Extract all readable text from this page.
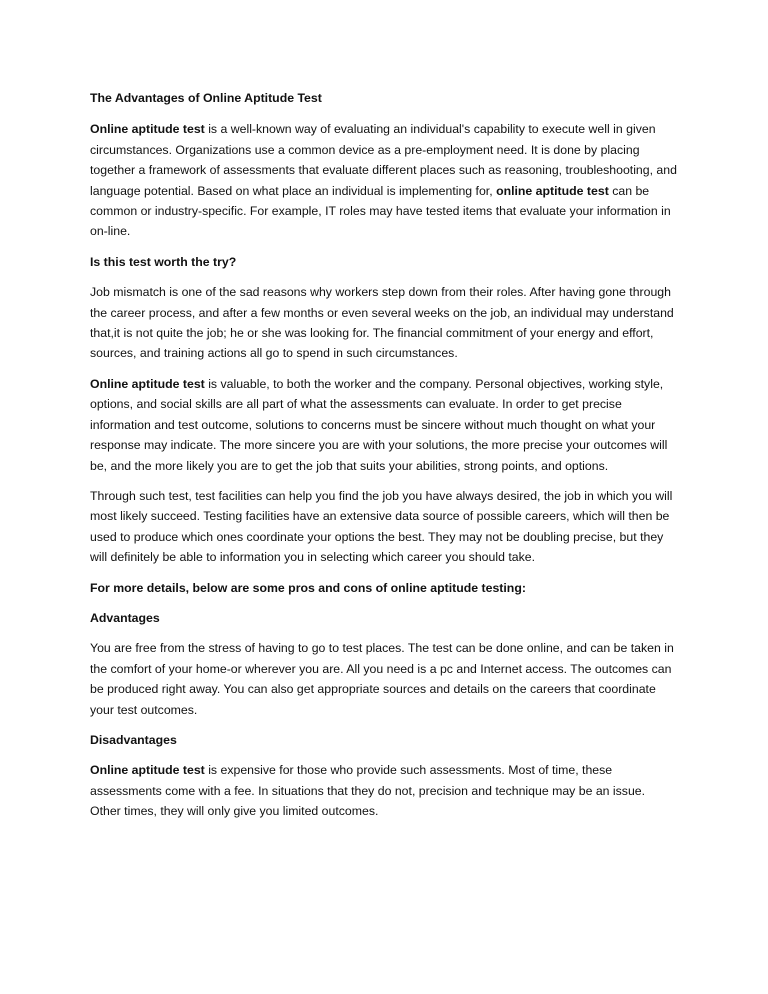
The Advantages of Online Aptitude Test

Online aptitude test is a well-known way of evaluating an individual's capability to execute well in given circumstances. Organizations use a common device as a pre-employment need. It is done by placing together a framework of assessments that evaluate different places such as reasoning, troubleshooting, and language potential. Based on what place an individual is implementing for, online aptitude test can be common or industry-specific. For example, IT roles may have tested items that evaluate your information in on-line.

Is this test worth the try?

Job mismatch is one of the sad reasons why workers step down from their roles. After having gone through the career process, and after a few months or even several weeks on the job, an individual may understand that,it is not quite the job; he or she was looking for. The financial commitment of your energy and effort, sources, and training actions all go to spend in such circumstances.

Online aptitude test is valuable, to both the worker and the company. Personal objectives, working style, options, and social skills are all part of what the assessments can evaluate. In order to get precise information and test outcome, solutions to concerns must be sincere without much thought on what your response may indicate. The more sincere you are with your solutions, the more precise your outcomes will be, and the more likely you are to get the job that suits your abilities, strong points, and options.

Through such test, test facilities can help you find the job you have always desired, the job in which you will most likely succeed. Testing facilities have an extensive data source of possible careers, which will then be used to produce which ones coordinate your options the best. They may not be doubling precise, but they will definitely be able to information you in selecting which career you should take.

For more details, below are some pros and cons of online aptitude testing:

Advantages

You are free from the stress of having to go to test places. The test can be done online, and can be taken in the comfort of your home-or wherever you are. All you need is a pc and Internet access. The outcomes can be produced right away. You can also get appropriate sources and details on the careers that coordinate your test outcomes.

Disadvantages

Online aptitude test is expensive for those who provide such assessments. Most of time, these assessments come with a fee. In situations that they do not, precision and technique may be an issue. Other times, they will only give you limited outcomes.
